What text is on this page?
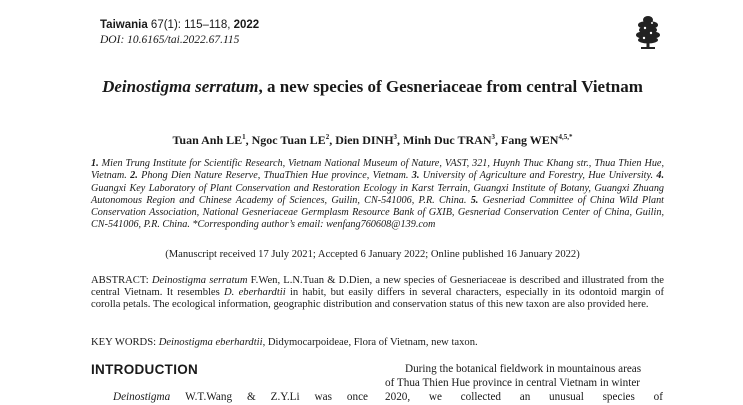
Taiwania 67(1): 115–118, 2022
DOI: 10.6165/tai.2022.67.115
Deinostigma serratum, a new species of Gesneriaceae from central Vietnam
Tuan Anh $LE^1$, Ngoc Tuan $LE^2$, Dien DINH$^3$, Minh Duc TRAN$^3$, Fang $WEN^{4,5,*}$
1. Mien Trung Institute for Scientific Research, Vietnam National Museum of Nature, VAST, 321, Huynh Thuc Khang str., Thua Thien Hue, Vietnam. 2. Phong Dien Nature Reserve, ThuaThien Hue province, Vietnam. 3. University of Agriculture and Forestry, Hue University. 4. Guangxi Key Laboratory of Plant Conservation and Restoration Ecology in Karst Terrain, Guangxi Institute of Botany, Guangxi Zhuang Autonomous Region and Chinese Academy of Sciences, Guilin, CN-541006, P.R. China. 5. Gesneriad Committee of China Wild Plant Conservation Association, National Gesneriaceae Germplasm Resource Bank of GXIB, Gesneriad Conservation Center of China, Guilin, CN-541006, P.R. China. *Corresponding author’s email: wenfang760608@139.com
(Manuscript received 17 July 2021; Accepted 6 January 2022; Online published 16 January 2022)
ABSTRACT: Deinostigma serratum F.Wen, L.N.Tuan & D.Dien, a new species of Gesneriaceae is described and illustrated from the central Vietnam. It resembles D. eberhardtii in habit, but easily differs in several characters, especially in its odontoid margin of corolla petals. The ecological information, geographic distribution and conservation status of this new taxon are also provided here.
KEY WORDS: Deinostigma eberhardtii, Didymocarpoideae, Flora of Vietnam, new taxon.
INTRODUCTION	During the botanical fieldwork in mountainous areas
of Thua Thien Hue province in central Vietnam in winter
2020, we collected an unusual species of
Deinostigma W.T.Wang & Z.Y.Li was once
